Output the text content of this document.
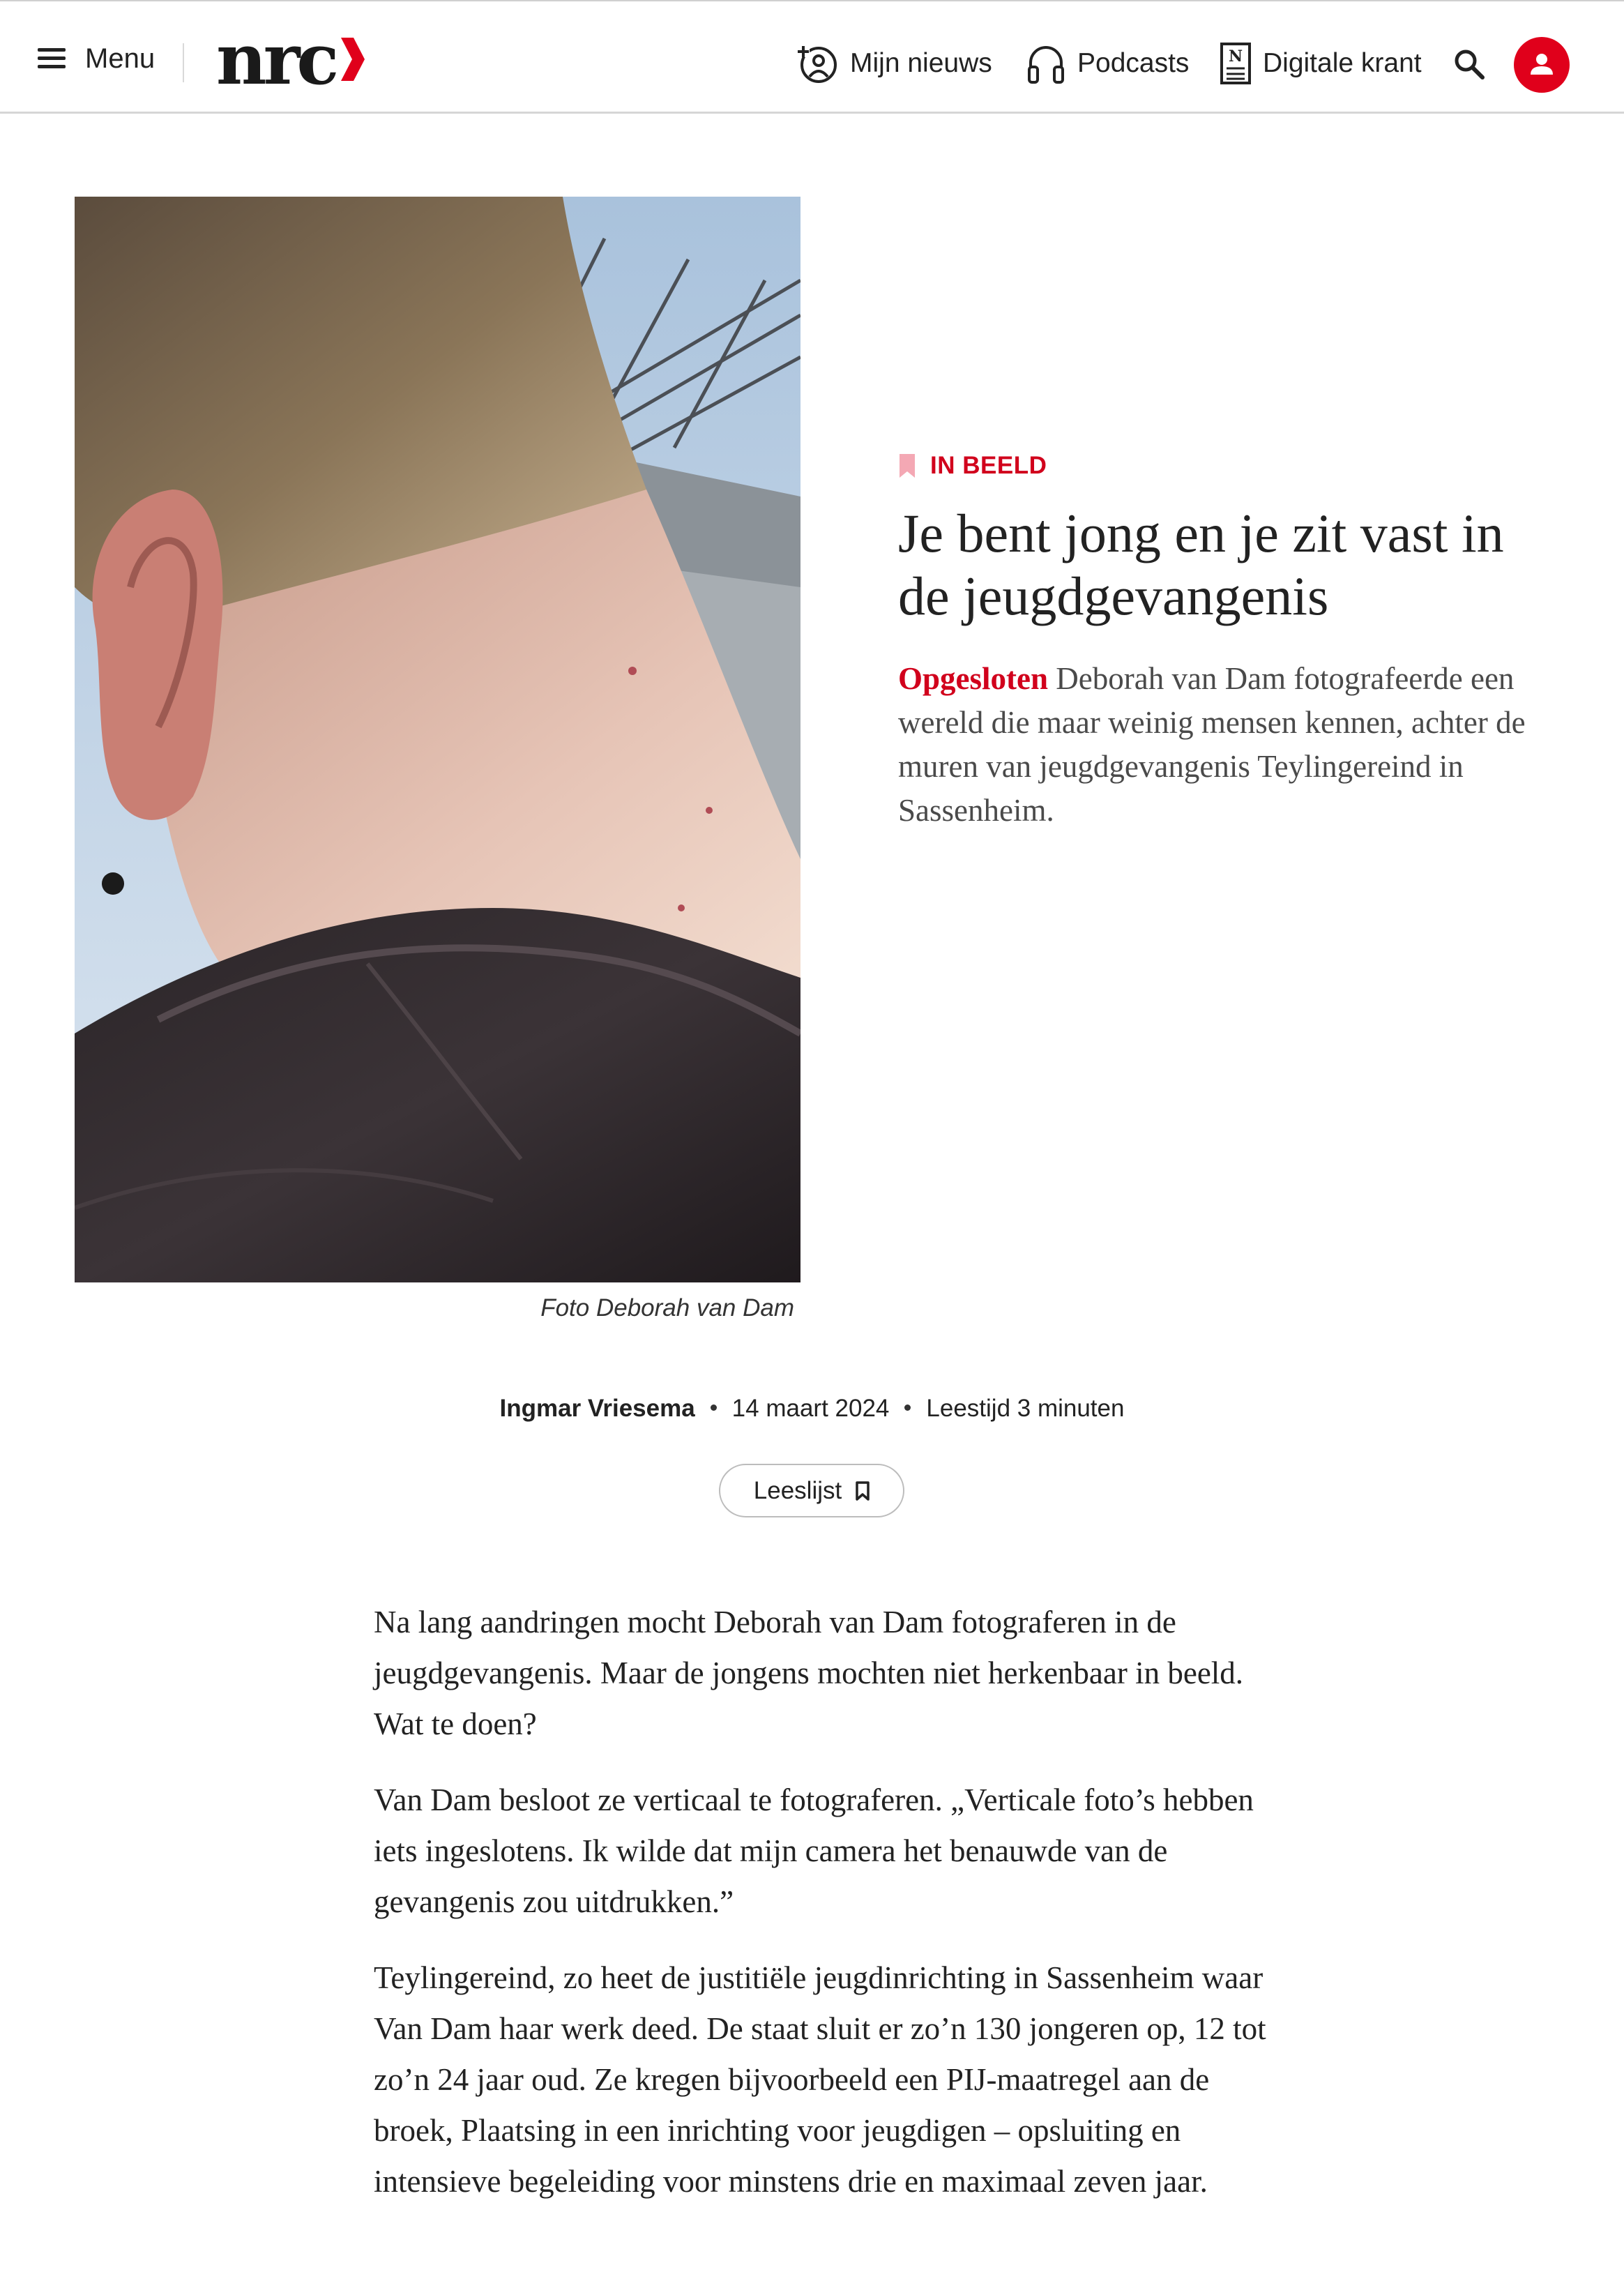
Menu nrc	Mijn nieuws	Podcasts	N Digitale krant
Foto Deborah van Dam
IN BEELD
Je bent jong en je zit vast in de jeugdgevangenis

Opgesloten Deborah van Dam fotografeerde een wereld die maar weinig mensen kennen, achter de muren van jeugdgevangenis Teylingereind in Sassenheim.

Ingmar Vriesema 14 maart 2024 Leestijd 3 minuten
Leeslijst

Na lang aandringen mocht Deborah van Dam fotograferen in de jeugdgevangenis. Maar de jongens mochten niet herkenbaar in beeld. Wat te doen?

Van Dam besloot ze verticaal te fotograferen. „Verticale foto’s hebben iets ingeslotens. Ik wilde dat mijn camera het benauwde van de gevangenis zou uitdrukken.”

Teylingereind, zo heet de justitiële jeugdinrichting in Sassenheim waar Van Dam haar werk deed. De staat sluit er zo’n 130 jongeren op, 12 tot zo’n 24 jaar oud. Ze kregen bijvoorbeeld een PIJ-maatregel aan de broek, Plaatsing in een inrichting voor jeugdigen – opsluiting en intensieve begeleiding voor minstens drie en maximaal zeven jaar.
